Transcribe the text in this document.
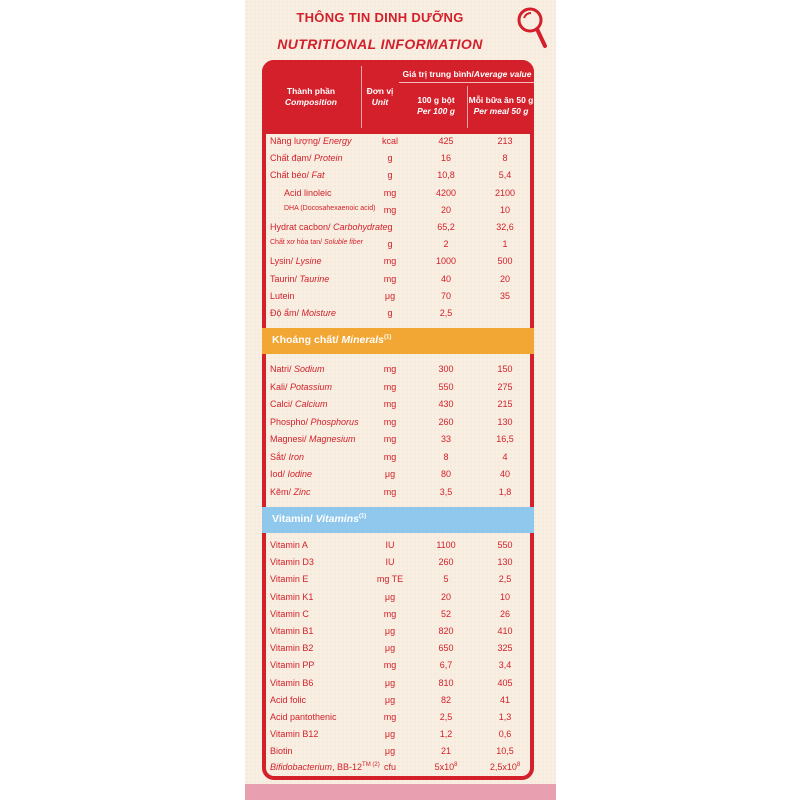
THÔNG TIN DINH DƯỠNG
NUTRITIONAL INFORMATION
Thành phần
Composition
Đơn vị
Unit
Giá trị trung bình/Average value
100 g bột
Per 100 g
Mỗi bữa ăn 50 g
Per meal 50 g
Năng lượng/ Energy	kcal	425	213
Chất đạm/ Protein	g	16	8
Chất béo/ Fat	g	10,8	5,4
Acid linoleic	mg	4200	2100
DHA (Docosahexaenoic acid) mg	20	10
Hydrat cacbon/ Carbohydrate g	65,2	32,6
Chất xơ hòa tan/ Soluble fiber	g	2	1
Lysin/ Lysine	mg	1000	500
Taurin/ Taurine	mg	40	20
Lutein	μg	70	35
Độ ẩm/ Moisture	g	2,5
Khoáng chất/ Minerals$^{(1)}$
Natri/ Sodium	mg	300	150
Kali/ Potassium	mg	550	275
Calci/ Calcium	mg	430	215
Phospho/ Phosphorus	mg	260	130
Magnesi/ Magnesium	mg	33	16,5
Sắt/ Iron	mg	8	4
Iod/ Iodine	μg	80	40
Kẽm/ Zinc	mg	3,5	1,8
Vitamin/ Vitamins$^{(1)}$
Vitamin A	IU	1100	550
Vitamin D3	IU	260	130
Vitamin E	mg TE	5	2,5
Vitamin K1	μg	20	10
Vitamin C	mg	52	26
Vitamin B1	μg	820	410
Vitamin B2	μg	650	325
Vitamin PP	mg	6,7	3,4
Vitamin B6	μg	810	405
Acid folic	μg	82	41
Acid pantothenic	mg	2,5	1,3
Vitamin B12	μg	1,2	0,6
Biotin	μg	21	10,5
Bifidobacterium, $BB-12^{TM (2)}$ cfu	$5x10^8$	$2,5x10^8$
